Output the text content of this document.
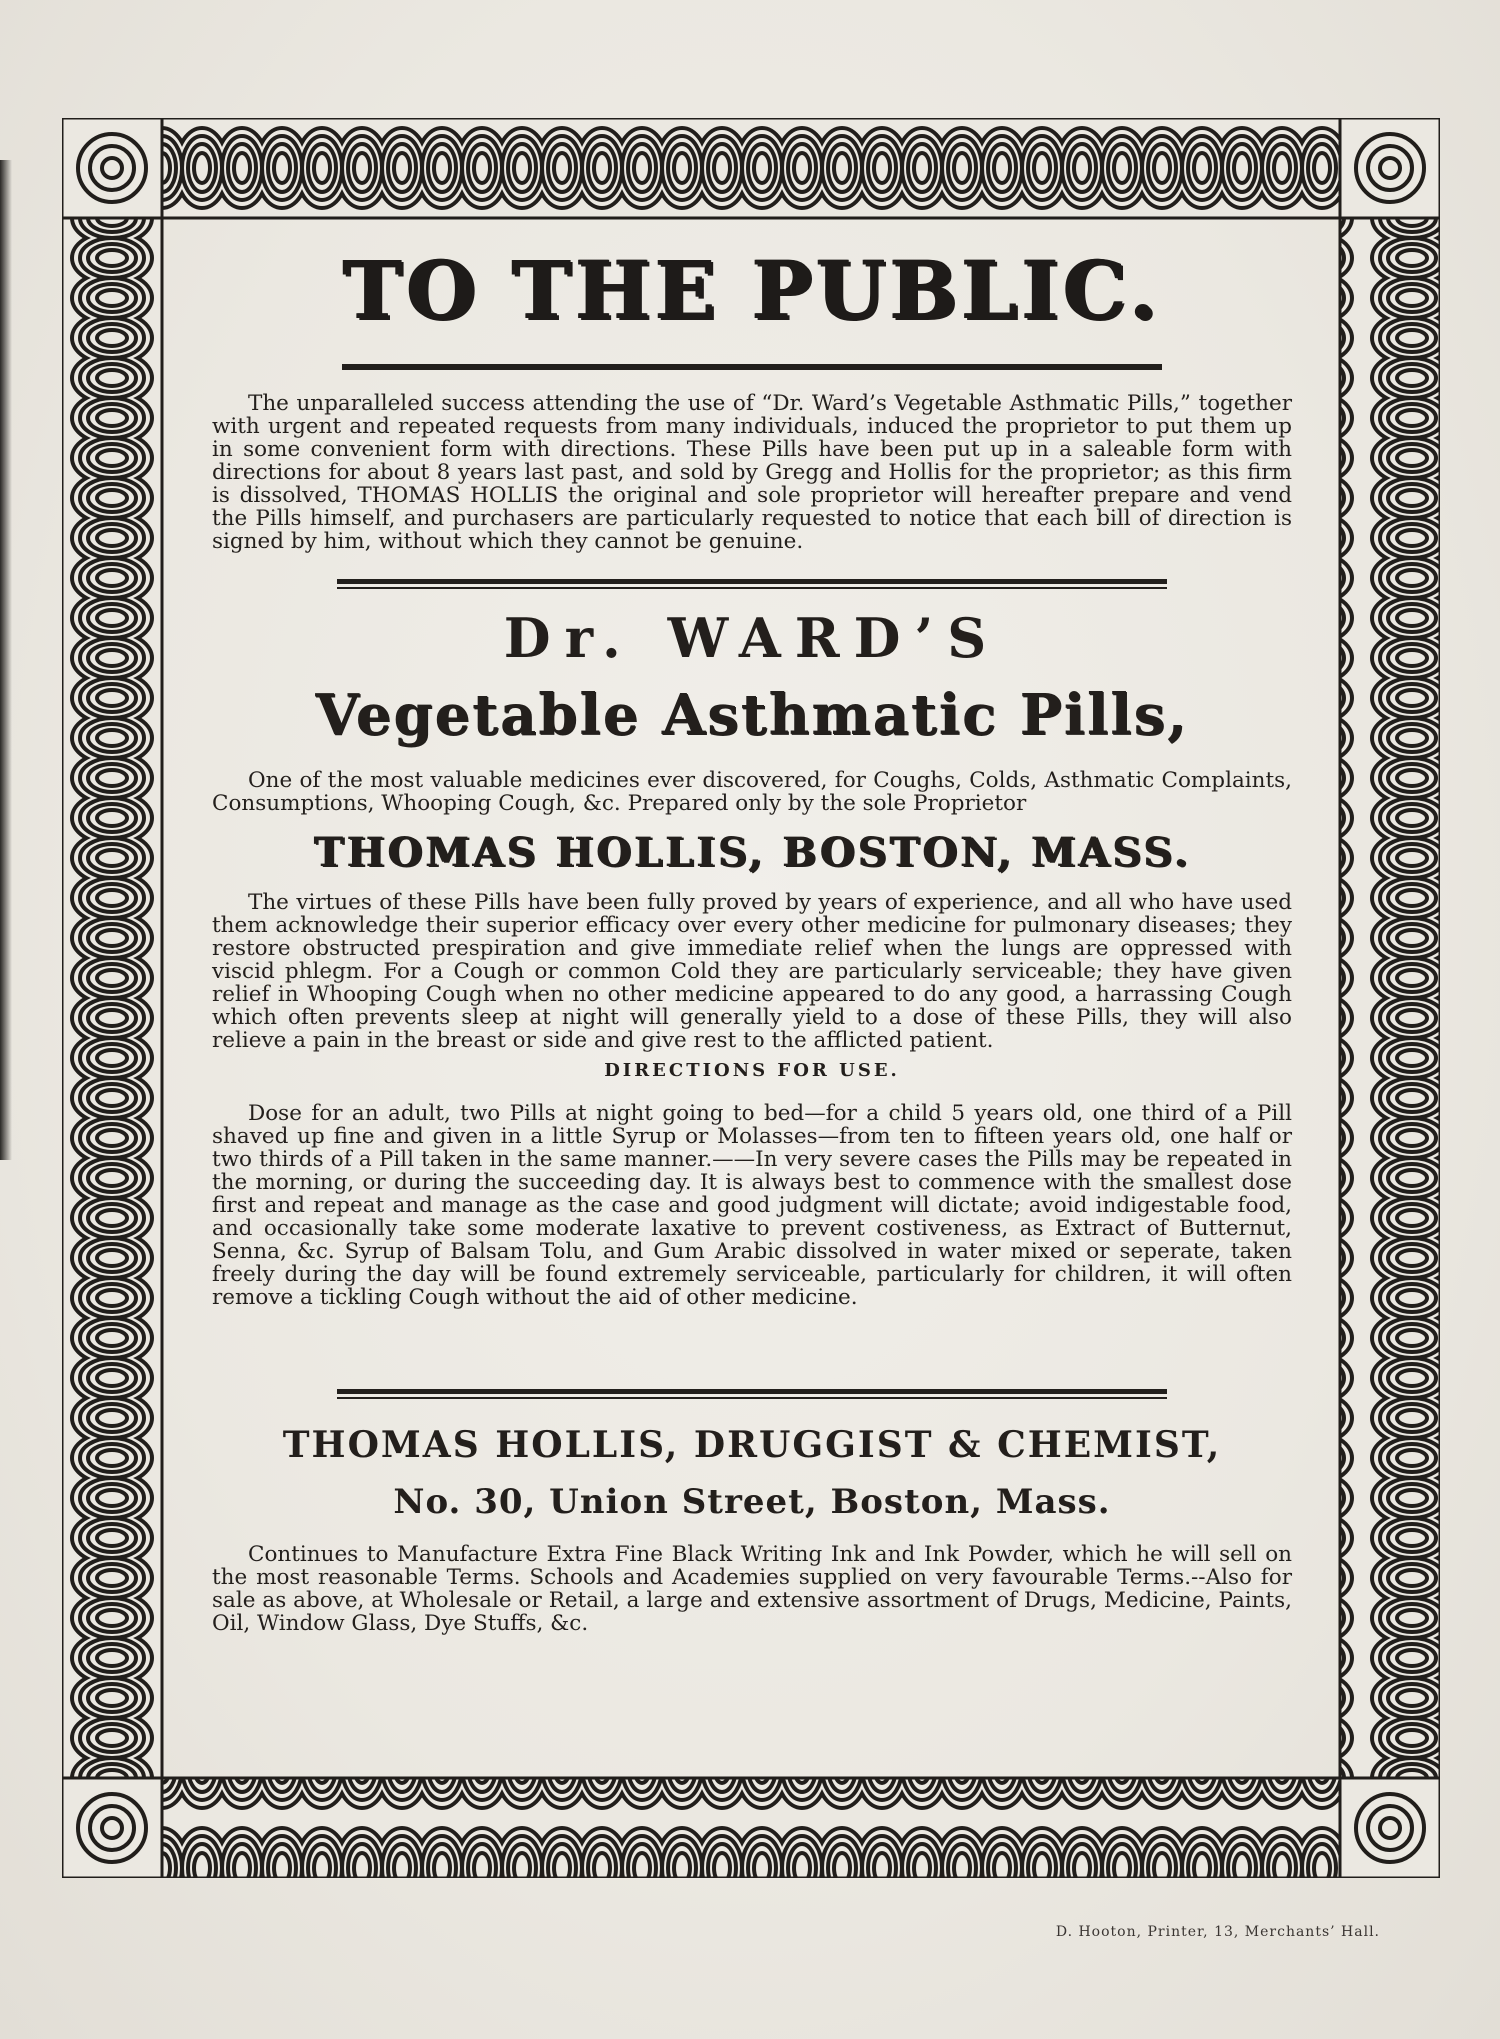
TO THE PUBLIC.

The unparalleled success attending the use of “Dr. Ward’s Vegetable Asthmatic Pills,” together with urgent and repeated requests from many individuals, induced the proprietor to put them up in some convenient form with directions. These Pills have been put up in a saleable form with directions for about 8 years last past, and sold by Gregg and Hollis for the proprietor; as this firm is dissolved, THOMAS HOLLIS the original and sole proprietor will hereafter prepare and vend the Pills himself, and purchasers are particularly requested to notice that each bill of direction is signed by him, without which they cannot be genuine.

Dr. WARD’S
Vegetable Asthmatic Pills,

One of the most valuable medicines ever discovered, for Coughs, Colds, Asthmatic Complaints, Consumptions, Whooping Cough, &c. Prepared only by the sole Proprietor

THOMAS HOLLIS, BOSTON, MASS.

The virtues of these Pills have been fully proved by years of experience, and all who have used them acknowledge their superior efficacy over every other medicine for pulmonary diseases; they restore obstructed prespiration and give immediate relief when the lungs are oppressed with viscid phlegm. For a Cough or common Cold they are particularly serviceable; they have given relief in Whooping Cough when no other medicine appeared to do any good, a harrassing Cough which often prevents sleep at night will generally yield to a dose of these Pills, they will also relieve a pain in the breast or side and give rest to the afflicted patient.

DIRECTIONS FOR USE.

Dose for an adult, two Pills at night going to bed—for a child 5 years old, one third of a Pill shaved up fine and given in a little Syrup or Molasses—from ten to fifteen years old, one half or two thirds of a Pill taken in the same manner.——In very severe cases the Pills may be repeated in the morning, or during the succeeding day. It is always best to commence with the smallest dose first and repeat and manage as the case and good judgment will dictate; avoid indigestable food, and occasionally take some moderate laxative to prevent costiveness, as Extract of Butternut, Senna, &c. Syrup of Balsam Tolu, and Gum Arabic dissolved in water mixed or seperate, taken freely during the day will be found extremely serviceable, particularly for children, it will often remove a tickling Cough without the aid of other medicine.

THOMAS HOLLIS, DRUGGIST & CHEMIST,
No. 30, Union Street, Boston, Mass.

Continues to Manufacture Extra Fine Black Writing Ink and Ink Powder, which he will sell on the most reasonable Terms. Schools and Academies supplied on very favourable Terms.--Also for sale as above, at Wholesale or Retail, a large and extensive assortment of Drugs, Medicine, Paints, Oil, Window Glass, Dye Stuffs, &c.

D. Hooton, Printer, 13, Merchants’ Hall.
